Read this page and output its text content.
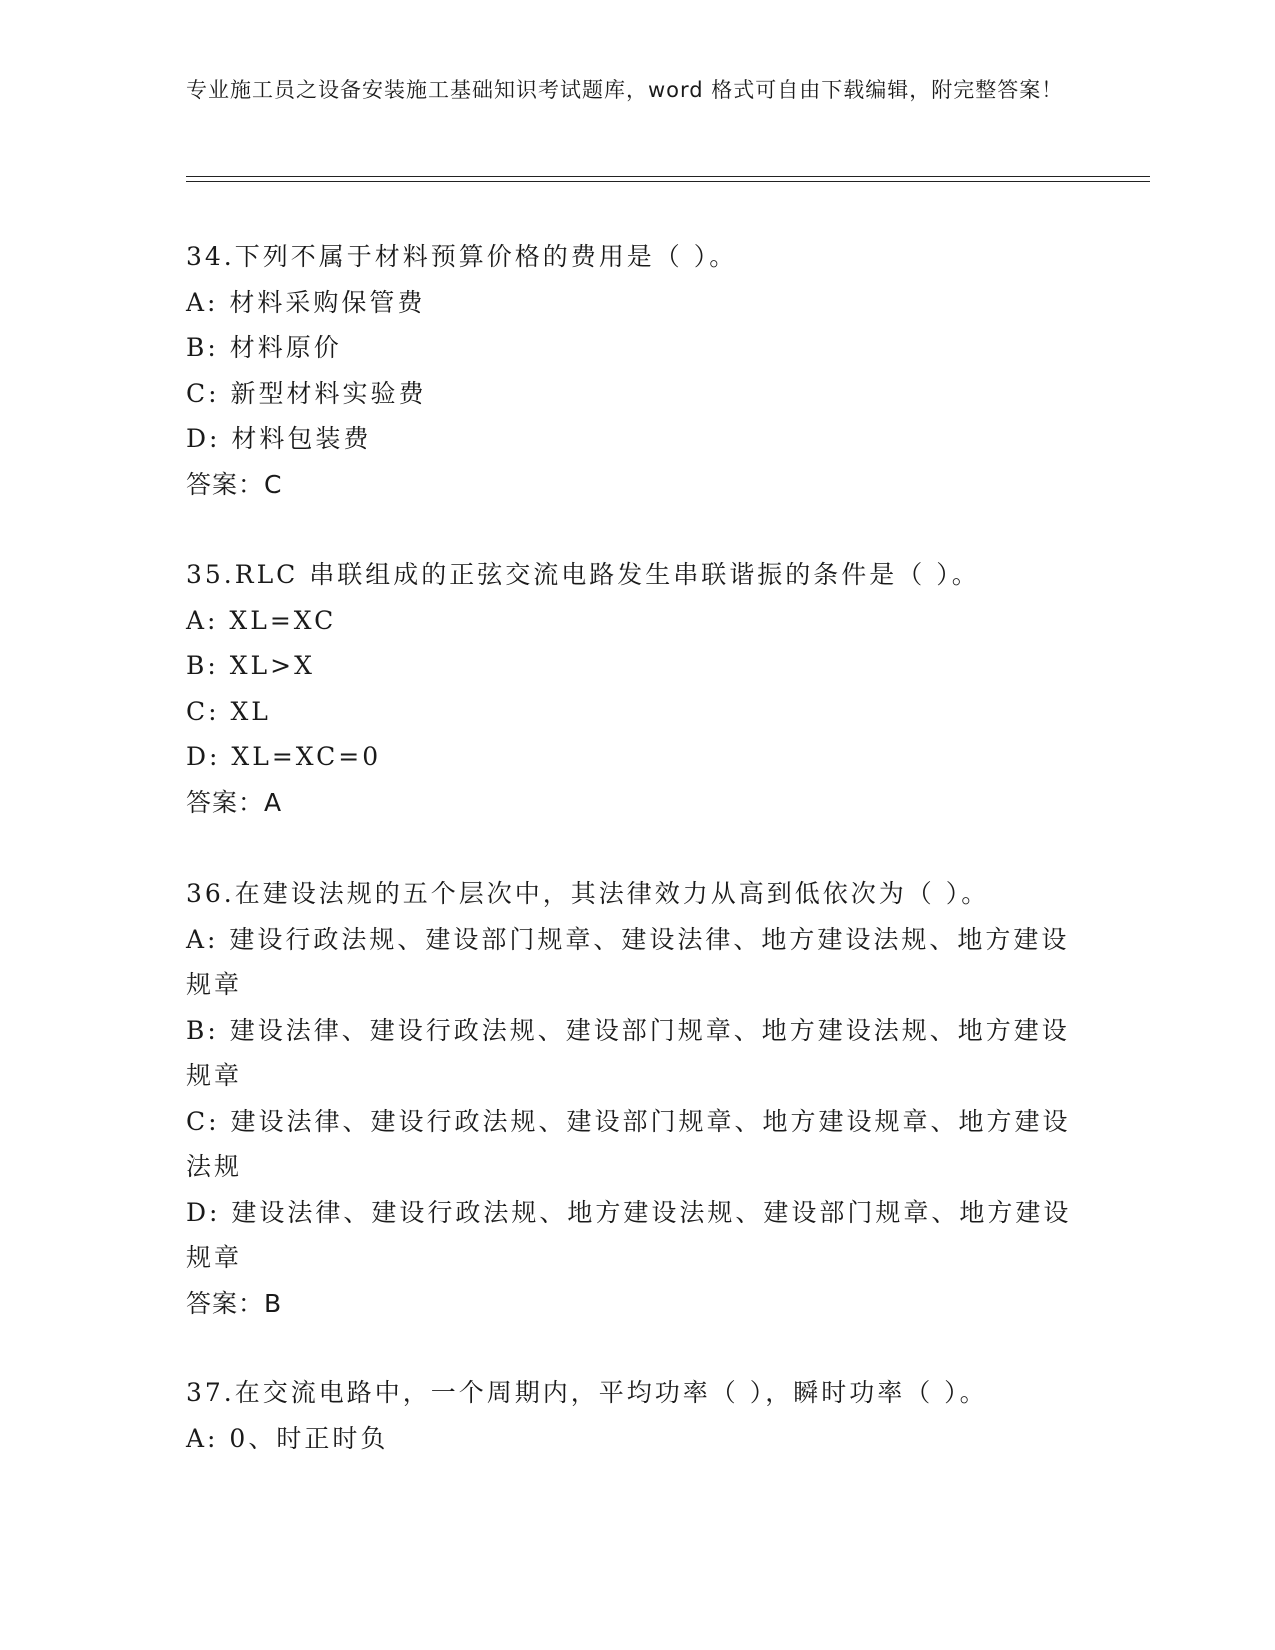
专业施工员之设备安装施工基础知识考试题库，word 格式可自由下载编辑，附完整答案！
34.下列不属于材料预算价格的费用是（ ）。
A: 材料采购保管费
B: 材料原价
C: 新型材料实验费
D: 材料包装费
答案：C
35.RLC 串联组成的正弦交流电路发生串联谐振的条件是（ ）。
A: XL=XC
B: XL>X
C: XL
D: XL=XC=0
答案：A
36.在建设法规的五个层次中，其法律效力从高到低依次为（ ）。
A: 建设行政法规、建设部门规章、建设法律、地方建设法规、地方建设规章
B: 建设法律、建设行政法规、建设部门规章、地方建设法规、地方建设规章
C: 建设法律、建设行政法规、建设部门规章、地方建设规章、地方建设法规
D: 建设法律、建设行政法规、地方建设法规、建设部门规章、地方建设规章
答案：B
37.在交流电路中，一个周期内，平均功率（ ），瞬时功率（ ）。
A: 0、时正时负
